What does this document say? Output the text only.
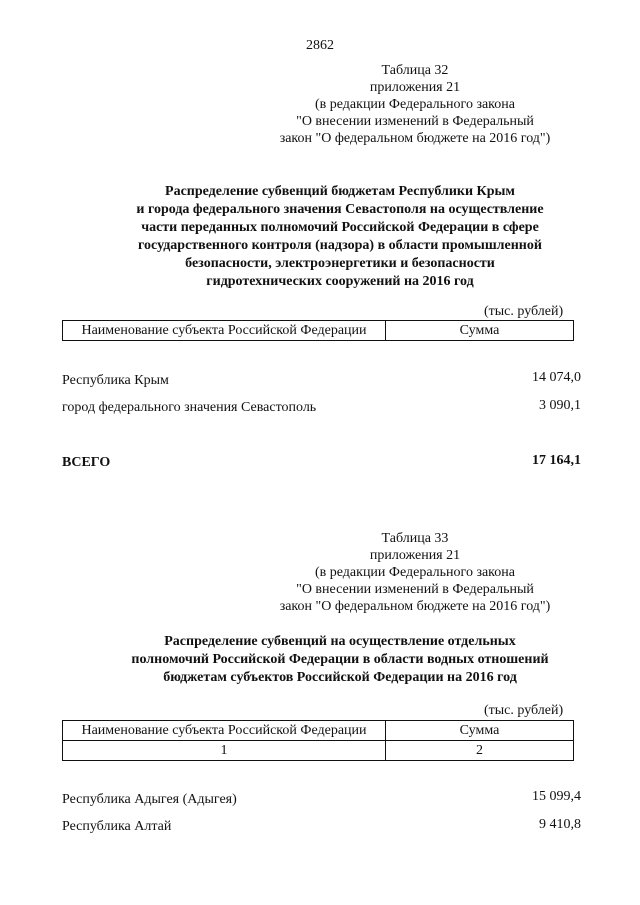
2862
Таблица 32
приложения 21
(в редакции Федерального закона
"О внесении изменений в Федеральный
закон "О федеральном бюджете на 2016 год")
Распределение субвенций бюджетам Республики Крым
и города федерального значения Севастополя на осуществление
части переданных полномочий Российской Федерации в сфере
государственного контроля (надзора) в области промышленной
безопасности, электроэнергетики и безопасности
гидротехнических сооружений на 2016 год
(тыс. рублей)
Наименование субъекта Российской Федерации	Сумма
Республика Крым	14 074,0
город федерального значения Севастополь	3 090,1
ВСЕГО	17 164,1
Таблица 33
приложения 21
(в редакции Федерального закона
"О внесении изменений в Федеральный
закон "О федеральном бюджете на 2016 год")
Распределение субвенций на осуществление отдельных
полномочий Российской Федерации в области водных отношений
бюджетам субъектов Российской Федерации на 2016 год
(тыс. рублей)
Наименование субъекта Российской Федерации	Сумма
1	2
Республика Адыгея (Адыгея)	15 099,4
Республика Алтай	9 410,8
